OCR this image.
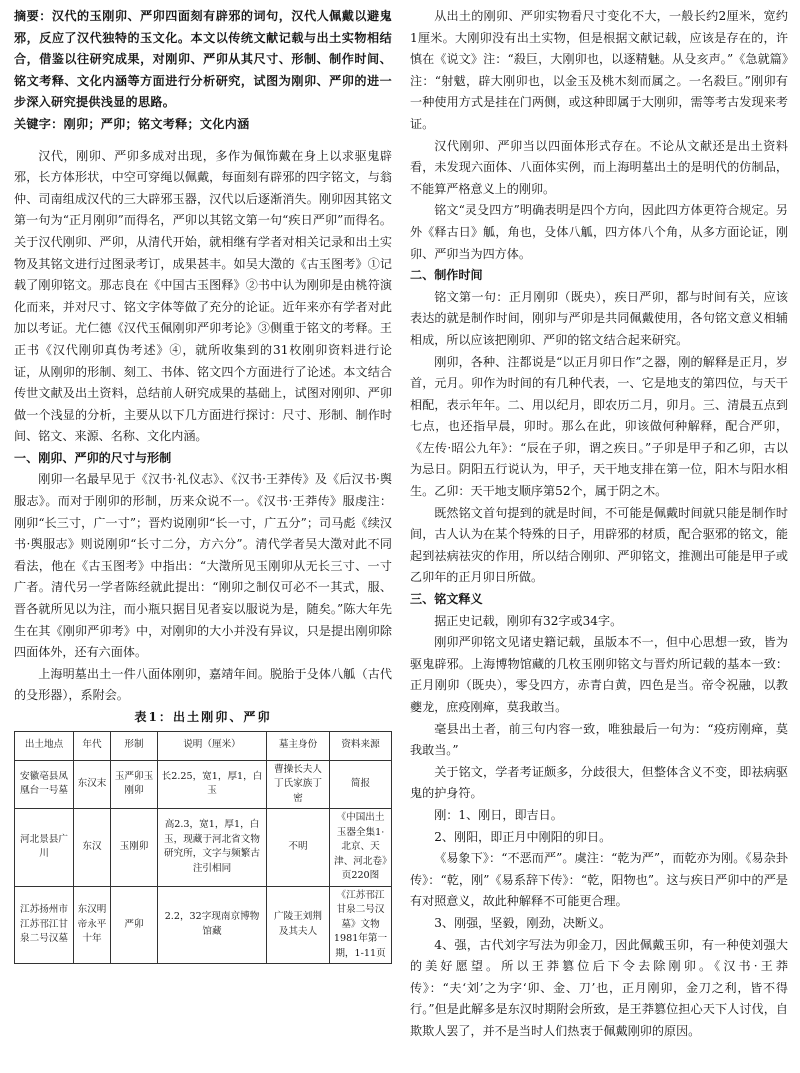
摘要：汉代的玉刚卯、严卯四面刻有辟邪的词句，汉代人佩戴以避鬼邪，反应了汉代独特的玉文化。本文以传统文献记载与出土实物相结合，借鉴以往研究成果，对刚卯、严卯从其尺寸、形制、制作时间、铭文考释、文化内涵等方面进行分析研究，试图为刚卯、严卯的进一步深入研究提供浅显的思路。

关键字：刚卯；严卯；铭文考释；文化内涵

汉代，刚卯、严卯多成对出现，多作为佩饰戴在身上以求驱鬼辟邪，长方体形状，中空可穿绳以佩戴，每面刻有辟邪的四字铭文，与翁仲、司南组成汉代的三大辟邪玉器，汉代以后逐渐消失。刚卯因其铭文第一句为“正月刚卯”而得名，严卯以其铭文第一句“疾日严卯”而得名。关于汉代刚卯、严卯，从清代开始，就相继有学者对相关记录和出土实物及其铭文进行过图录考订，成果甚丰。如吴大澂的《古玉图考》①记载了刚卯铭文。那志良在《中国古玉图释》②书中认为刚卯是由桃符演化而来，并对尺寸、铭文字体等做了充分的论证。近年来亦有学者对此加以考证。尤仁德《汉代玉佩刚卯严卯考论》③侧重于铭文的考释。王正书《汉代刚卯真伪考述》④，就所收集到的31枚刚卯资料进行论证，从刚卯的形制、刻工、书体、铭文四个方面进行了论述。本文结合传世文献及出土资料，总结前人研究成果的基础上，试图对刚卯、严卯做一个浅显的分析，主要从以下几方面进行探讨：尺寸、形制、制作时间、铭文、来源、名称、文化内涵。

一、刚卯、严卯的尺寸与形制

刚卯一名最早见于《汉书·礼仪志》、《汉书·王莽传》及《后汉书·舆服志》。而对于刚卯的形制，历来众说不一。《汉书·王莽传》服虔注：刚卯“长三寸，广一寸”；晋灼说刚卯“长一寸，广五分”；司马彪《续汉书·舆服志》则说刚卯“长寸二分，方六分”。清代学者吴大澂对此不同看法，他在《古玉图考》中指出：“大澂所见玉刚卯从无长三寸、一寸广者。清代另一学者陈经就此提出：“刚卯之制仅可必不一其式，服、晋各就所见以为注，而小瓶只据目见者妄以服说为是，随矣。”陈大年先生在其《刚卯严卯考》中，对刚卯的大小并没有异议，只是提出刚卯除四面体外，还有六面体。

上海明墓出土一件八面体刚卯，嘉靖年间。脱胎于殳体八觚（古代的殳形器），系附会。

表1：出土刚卯、严卯

出土地点	年代	形制	说明（厘米）	墓主身份	资料来源
安徽亳县凤凰台一号墓	东汉末	玉严卯玉刚卯	长2.25，宽1，厚1，白玉	曹操长夫人丁氏家族丁密	简报
河北景县广川	东汉	玉刚卯	高2.3，宽1，厚1，白玉，现藏于河北省文物研究所，文字与频繁古注引相同	不明	《中国出土玉器全集1·北京、天津、河北卷》页220图
江苏扬州市江苏邗江甘泉二号汉墓	东汉明帝永平十年	严卯	2.2，32字现南京博物馆藏	广陵王刘荆及其夫人	《江苏邗江甘泉二号汉墓》文物1981年第一期，1-11页

从出土的刚卯、严卯实物看尺寸变化不大，一般长约2厘米，宽约1厘米。大刚卯没有出土实物，但是根据文献记载，应该是存在的，许慎在《说文》注：“殺巨，大刚卯也，以逐精魅。从殳亥声。”《急就篇》注：“射魃，辟大刚卯也，以金玉及桃木刻而属之。一名殺巨。”刚卯有一种使用方式是挂在门两侧，或这种即属于大刚卯，需等考古发现来考证。

汉代刚卯、严卯当以四面体形式存在。不论从文献还是出土资料看，未发现六面体、八面体实例，而上海明墓出土的是明代的仿制品，不能算严格意义上的刚卯。

铭文“灵殳四方”明确表明是四个方向，因此四方体更符合规定。另外《释古日》觚，角也，殳体八觚，四方体八个角，从多方面论证，刚卯、严卯当为四方体。

二、制作时间

铭文第一句：正月刚卯（既央），疾日严卯，都与时间有关，应该表达的就是制作时间，刚卯与严卯是共同佩戴使用，各句铭文意义相辅相成，所以应该把刚卯、严卯的铭文结合起来研究。

刚卯，各种、注都说是“以正月卯日作”之器，刚的解释是正月，岁首，元月。卯作为时间的有几种代表，一、它是地支的第四位，与天干相配，表示年年。二、用以纪月，即农历二月，卯月。三、清晨五点到七点，也还指早晨，卯时。那么在此，卯该做何种解释，配合严卯，《左传·昭公九年》：“辰在子卯，谓之疾日。”子卯是甲子和乙卯，古以为忌日。阴阳五行说认为，甲子，天干地支排在第一位，阳木与阳水相生。乙卯：天干地支顺序第52个，属于阴之木。

既然铭文首句提到的就是时间，不可能是佩戴时间就只能是制作时间，古人认为在某个特殊的日子，用辟邪的材质，配合驱邪的铭文，能起到祛病祛灾的作用，所以结合刚卯、严卯铭文，推测出可能是甲子或乙卯年的正月卯日所做。

三、铭文释义

据正史记载，刚卯有32字或34字。

刚卯严卯铭文见诸史籍记载，虽版本不一，但中心思想一致，皆为驱鬼辟邪。上海博物馆藏的几枚玉刚卯铭文与晋灼所记载的基本一致：正月刚卯（既央），零殳四方，赤青白黄，四色是当。帝令祝融，以教夔龙，庶疫刚瘅，莫我敢当。

毫县出土者，前三句内容一致，唯独最后一句为：“疫疠刚瘅，莫我敢当。”

关于铭文，学者考证颇多，分歧很大，但整体含义不变，即祛病驱鬼的护身符。

刚：1、刚日，即吉日。

2、刚阳，即正月中刚阳的卯日。

《易象下》：“不恶而严”。虞注：“乾为严”，而乾亦为刚。《易杂卦传》：“乾，刚”《易系辞下传》：“乾，阳物也”。这与疾日严卯中的严是有对照意义，故此种解释不可能更合理。

3、刚强，坚毅，刚劲，决断义。

4、强，古代刘字写法为卯金刀，因此佩戴玉卯，有一种使刘强大的美好愿望。所以王莽篡位后下令去除刚卯。《汉书·王莽传》：“夫‘刘’之为字‘卯、金、刀’也，正月刚卯，金刀之利，皆不得行。”但是此解多是东汉时期附会所致，是王莽篡位担心天下人讨伐，自欺欺人罢了，并不是当时人们热衷于佩戴刚卯的原因。
